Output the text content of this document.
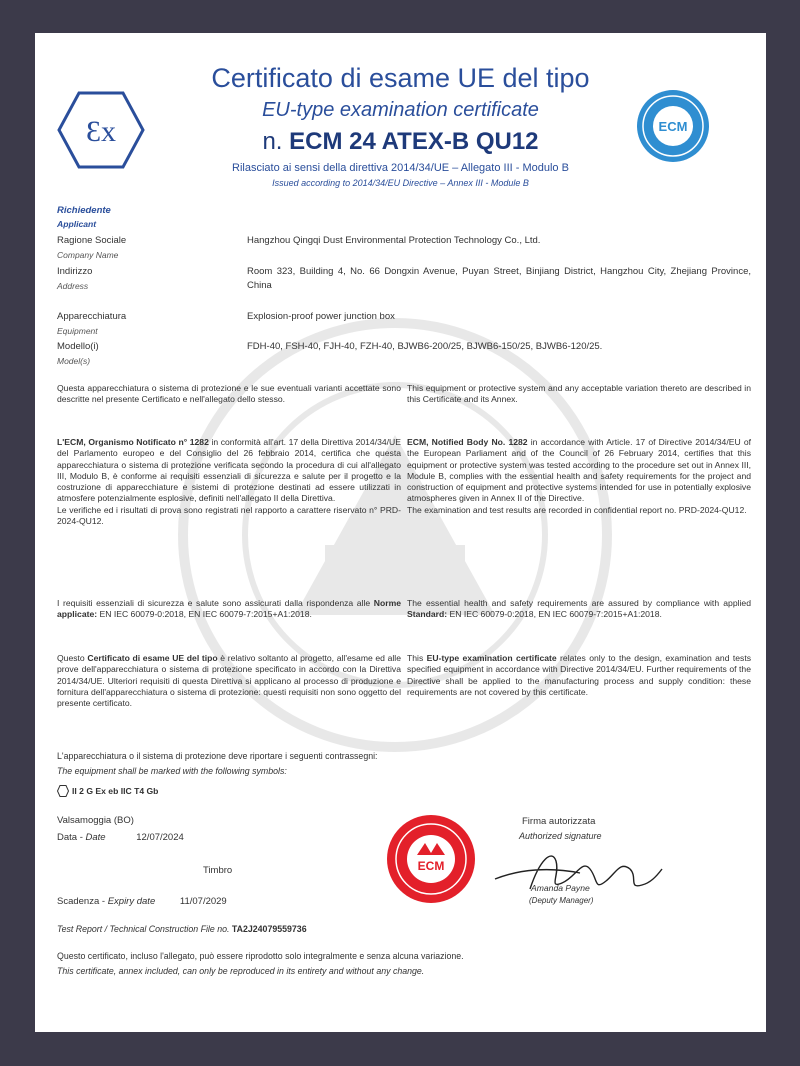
Ɛx	ECM
Certificato di esame UE del tipo
EU-type examination certificate
n. ECM 24 ATEX-B QU12
Rilasciato ai sensi della direttiva 2014/34/UE – Allegato III - Modulo B
Issued according to 2014/34/EU Directive – Annex III - Module B
Richiedente
Applicant
Ragione Sociale
Company Name
Hangzhou Qingqi Dust Environmental Protection Technology Co., Ltd.
Indirizzo
Address
Room 323, Building 4, No. 66 Dongxin Avenue, Puyan Street, Binjiang District, Hangzhou City, Zhejiang Province, China
Apparecchiatura
Equipment
Explosion-proof power junction box
Modello(i)
Model(s)
FDH-40, FSH-40, FJH-40, FZH-40, BJWB6-200/25, BJWB6-150/25, BJWB6-120/25.
Questa apparecchiatura o sistema di protezione e le sue eventuali varianti accettate sono descritte nel presente Certificato e nell'allegato dello stesso.
This equipment or protective system and any acceptable variation thereto are described in this Certificate and its Annex.
L'ECM, Organismo Notificato n° 1282 in conformità all'art. 17 della Direttiva 2014/34/UE del Parlamento europeo e del Consiglio del 26 febbraio 2014, certifica che questa apparecchiatura o sistema di protezione verificata secondo la procedura di cui all'allegato III, Modulo B, è conforme ai requisiti essenziali di sicurezza e salute per il progetto e la costruzione di apparecchiature e sistemi di protezione destinati ad essere utilizzati in atmosfere potenzialmente esplosive, definiti nell'allegato II della Direttiva.
Le verifiche ed i risultati di prova sono registrati nel rapporto a carattere riservato n° PRD-2024-QU12.
ECM, Notified Body No. 1282 in accordance with Article. 17 of Directive 2014/34/EU of the European Parliament and of the Council of 26 February 2014, certifies that this equipment or protective system was tested according to the procedure set out in Annex III, Module B, complies with the essential health and safety requirements for the project and construction of equipment and protective systems intended for use in potentially explosive atmospheres given in Annex II of the Directive.
The examination and test results are recorded in confidential report no. PRD-2024-QU12.
I requisiti essenziali di sicurezza e salute sono assicurati dalla rispondenza alle Norme applicate: EN IEC 60079-0:2018, EN IEC 60079-7:2015+A1:2018.
The essential health and safety requirements are assured by compliance with applied Standard: EN IEC 60079-0:2018, EN IEC 60079-7:2015+A1:2018.
Questo Certificato di esame UE del tipo è relativo soltanto al progetto, all'esame ed alle prove dell'apparecchiatura o sistema di protezione specificato in accordo con la Direttiva 2014/34/UE. Ulteriori requisiti di questa Direttiva si applicano al processo di produzione e fornitura dell'apparecchiatura o sistema di protezione: questi requisiti non sono oggetto del presente certificato.
This EU-type examination certificate relates only to the design, examination and tests specified equipment in accordance with Directive 2014/34/EU. Further requirements of the Directive shall be applied to the manufacturing process and supply condition: these requirements are not covered by this certificate.
L'apparecchiatura o il sistema di protezione deve riportare i seguenti contrassegni:
The equipment shall be marked with the following symbols:
II 2 G Ex eb IIC T4 Gb
Valsamoggia (BO)
Data - Date	12/07/2024
Timbro
Scadenza - Expiry date	11/07/2029
ECM
Firma autorizzata
Authorized signature
Amanda Payne
(Deputy Manager)
Test Report / Technical Construction File no. TA2J24079559736
Questo certificato, incluso l'allegato, può essere riprodotto solo integralmente e senza alcuna variazione.
This certificate, annex included, can only be reproduced in its entirety and without any change.
